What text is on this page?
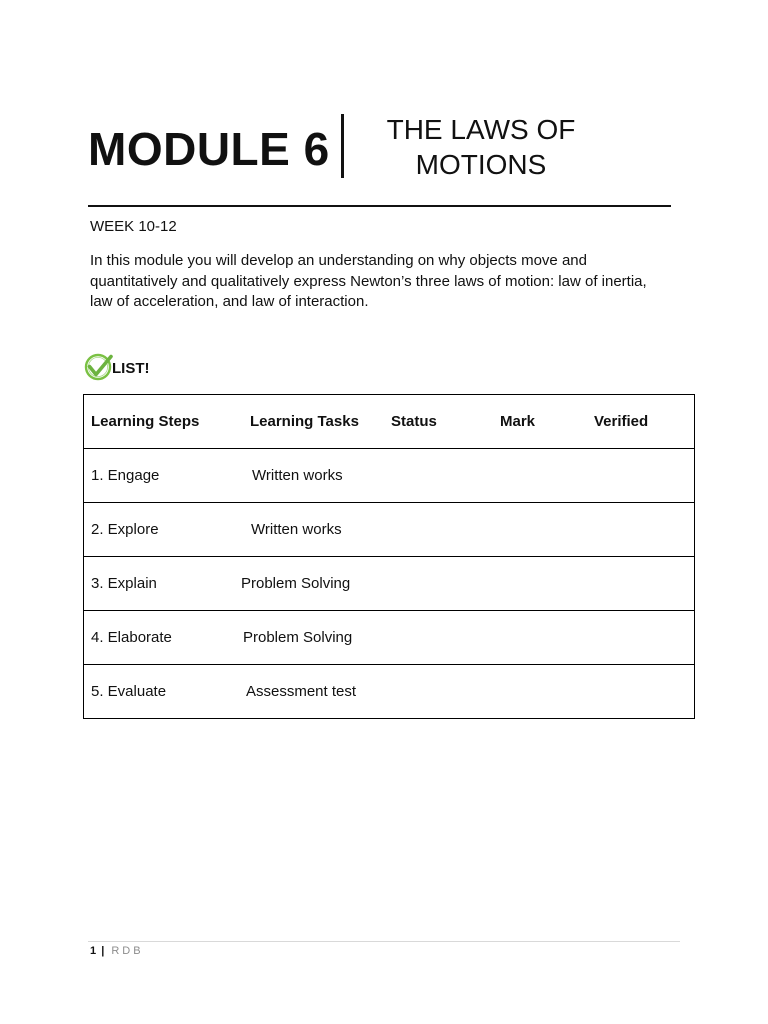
MODULE 6	THE LAWS OF
MOTIONS
WEEK 10-12
In this module you will develop an understanding on why objects move and quantitatively and qualitatively express Newton’s three laws of motion: law of inertia, law of acceleration, and law of interaction.
LIST!
Learning Steps	Learning Tasks	Status	Mark	Verified
1. Engage	Written works			
2. Explore	Written works			
3. Explain	Problem Solving			
4. Elaborate	Problem Solving			
5. Evaluate	Assessment test			
1 | RDB
